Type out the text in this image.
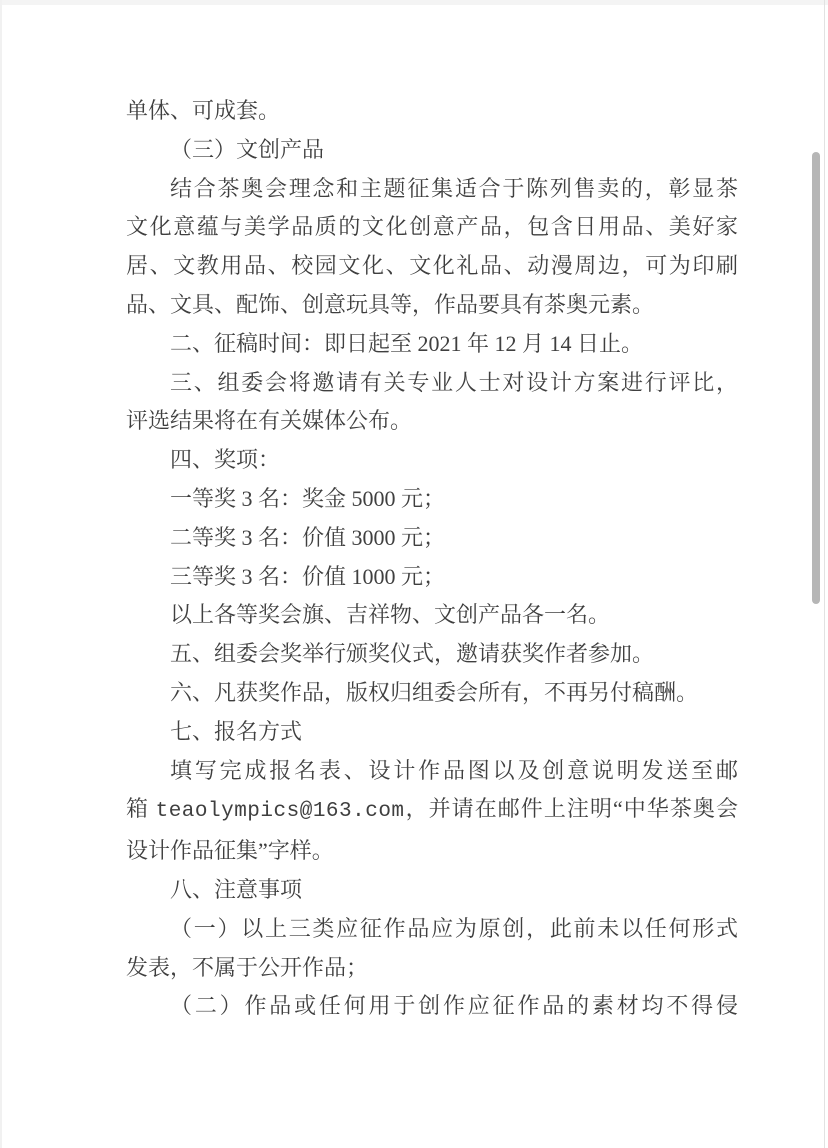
单体、可成套。
（三）文创产品
结合茶奥会理念和主题征集适合于陈列售卖的，彰显茶
文化意蕴与美学品质的文化创意产品，包含日用品、美好家
居、文教用品、校园文化、文化礼品、动漫周边，可为印刷
品、文具、配饰、创意玩具等，作品要具有茶奥元素。
二、征稿时间：即日起至 2021 年 12 月 14 日止。
三、组委会将邀请有关专业人士对设计方案进行评比，
评选结果将在有关媒体公布。
四、奖项：
一等奖 3 名：奖金 5000 元；
二等奖 3 名：价值 3000 元；
三等奖 3 名：价值 1000 元；
以上各等奖会旗、吉祥物、文创产品各一名。
五、组委会奖举行颁奖仪式，邀请获奖作者参加。
六、凡获奖作品，版权归组委会所有，不再另付稿酬。
七、报名方式
填写完成报名表、设计作品图以及创意说明发送至邮
箱 teaolympics@163.com，并请在邮件上注明“中华茶奥会
设计作品征集”字样。
八、注意事项
（一）以上三类应征作品应为原创，此前未以任何形式
发表，不属于公开作品；
（二）作品或任何用于创作应征作品的素材均不得侵
